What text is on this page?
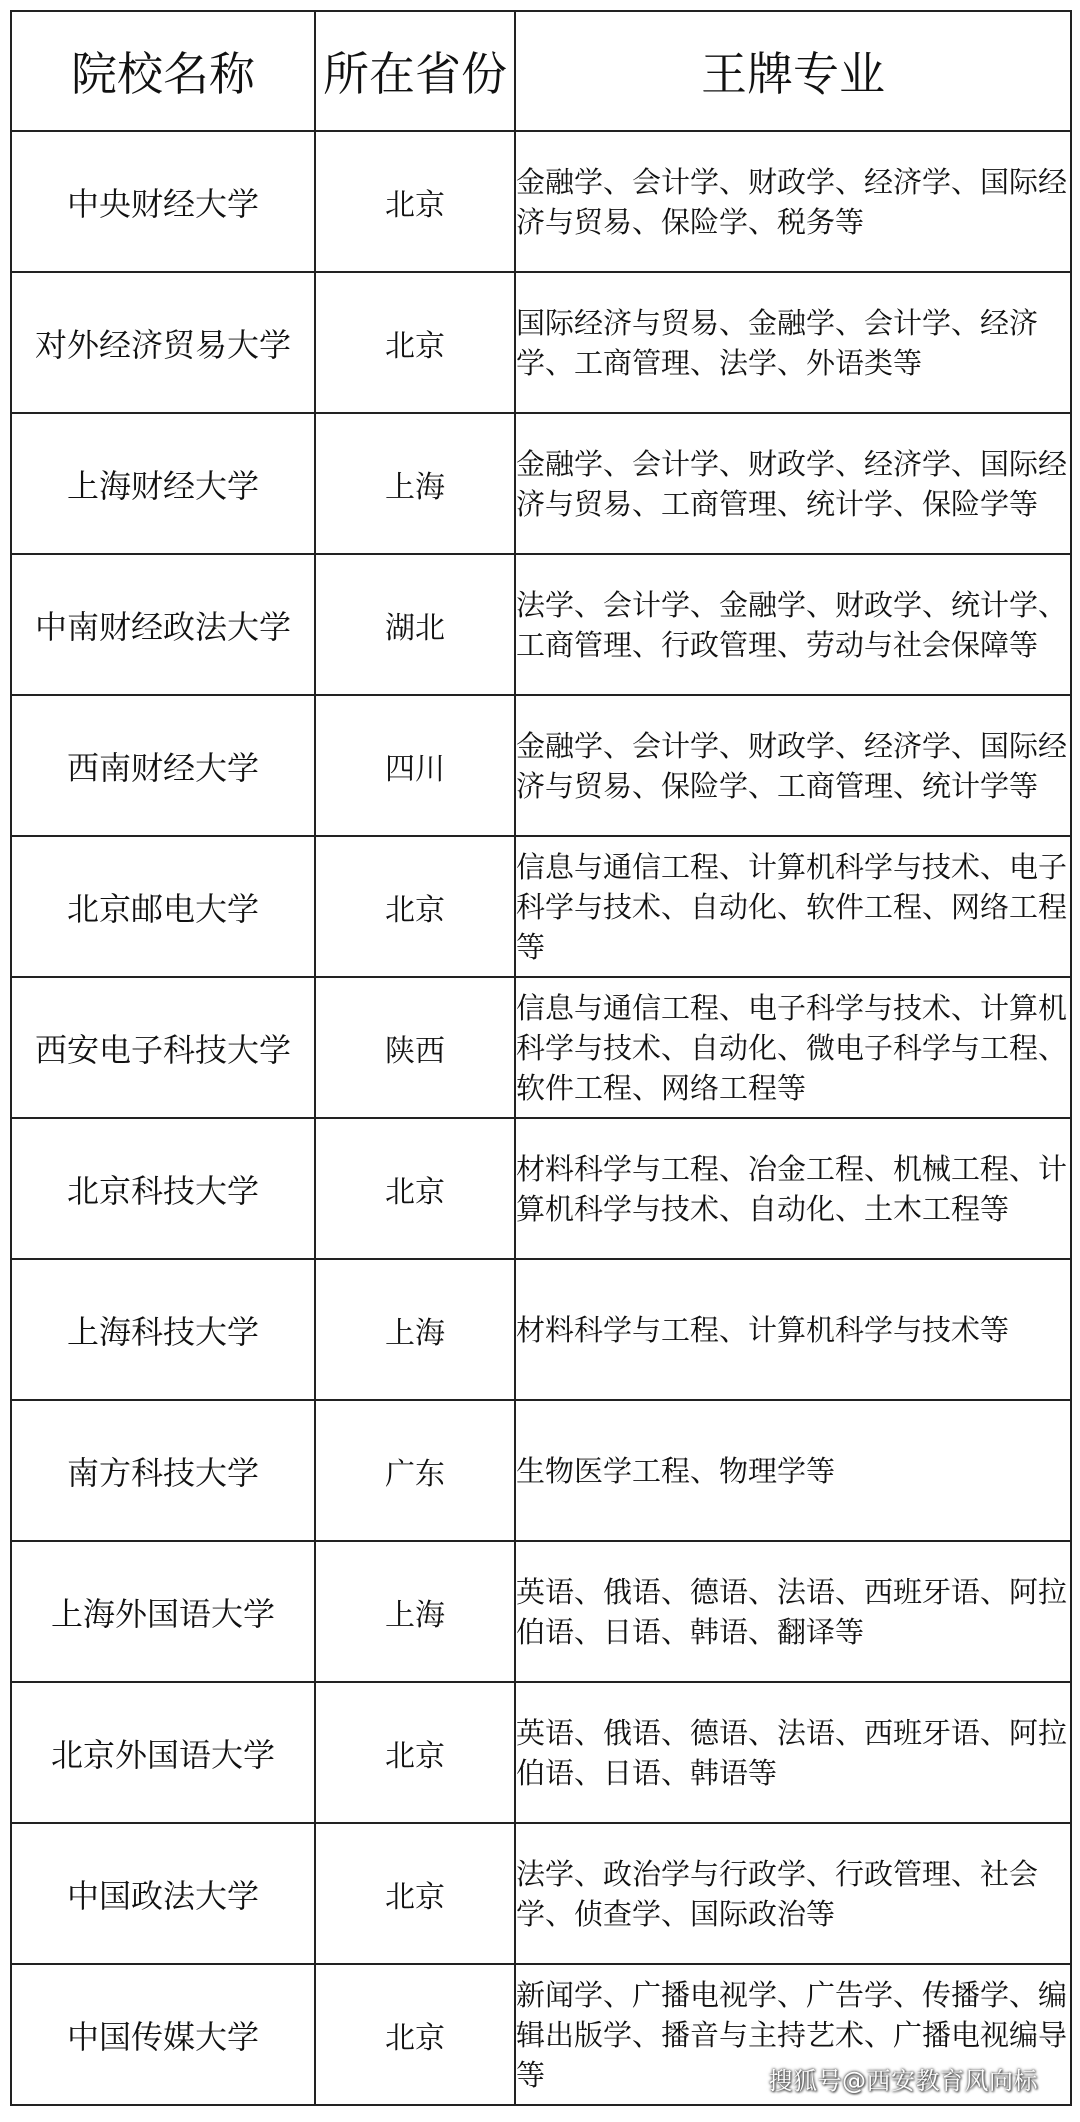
院校名称	所在省份	王牌专业
中央财经大学	北京	金融学、会计学、财政学、经济学、国际经济与贸易、保险学、税务等
对外经济贸易大学	北京	国际经济与贸易、金融学、会计学、经济学、工商管理、法学、外语类等
上海财经大学	上海	金融学、会计学、财政学、经济学、国际经济与贸易、工商管理、统计学、保险学等
中南财经政法大学	湖北	法学、会计学、金融学、财政学、统计学、工商管理、行政管理、劳动与社会保障等
西南财经大学	四川	金融学、会计学、财政学、经济学、国际经济与贸易、保险学、工商管理、统计学等
北京邮电大学	北京	信息与通信工程、计算机科学与技术、电子科学与技术、自动化、软件工程、网络工程等
西安电子科技大学	陕西	信息与通信工程、电子科学与技术、计算机科学与技术、自动化、微电子科学与工程、软件工程、网络工程等
北京科技大学	北京	材料科学与工程、冶金工程、机械工程、计算机科学与技术、自动化、土木工程等
上海科技大学	上海	材料科学与工程、计算机科学与技术等
南方科技大学	广东	生物医学工程、物理学等
上海外国语大学	上海	英语、俄语、德语、法语、西班牙语、阿拉伯语、日语、韩语、翻译等
北京外国语大学	北京	英语、俄语、德语、法语、西班牙语、阿拉伯语、日语、韩语等
中国政法大学	北京	法学、政治学与行政学、行政管理、社会学、侦查学、国际政治等
中国传媒大学	北京	新闻学、广播电视学、广告学、传播学、编辑出版学、播音与主持艺术、广播电视编导等	搜狐号@西安教育风向标
